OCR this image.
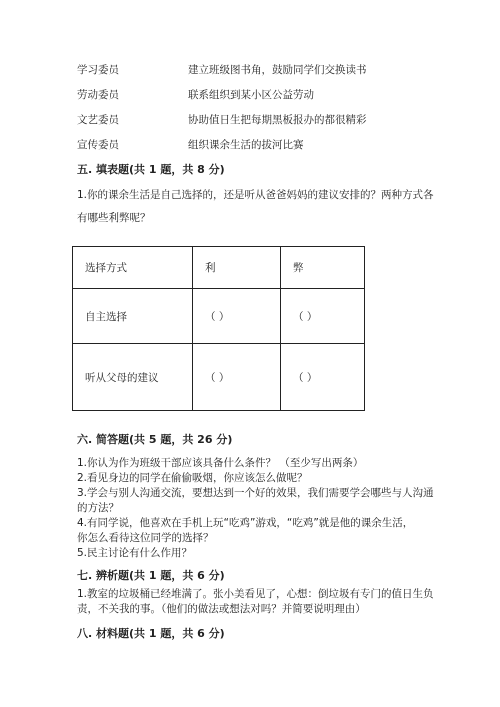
学习委员	建立班级图书角，鼓励同学们交换读书
劳动委员	联系组织到某小区公益劳动
文艺委员	协助值日生把每期黑板报办的都很精彩
宣传委员	组织课余生活的拔河比赛
五. 填表题(共 1 题，共 8 分)
1.你的课余生活是自己选择的，还是听从爸爸妈妈的建议安排的？两种方式各
有哪些利弊呢？
选择方式	利	弊
自主选择	（ ）	（ ）
听从父母的建议	（ ）	（ ）
六. 简答题(共 5 题，共 26 分)
1.你认为作为班级干部应该具备什么条件？ （至少写出两条）
2.看见身边的同学在偷偷吸烟，你应该怎么做呢？
3.学会与别人沟通交流，要想达到一个好的效果，我们需要学会哪些与人沟通
的方法？
4.有同学说，他喜欢在手机上玩“吃鸡”游戏，“吃鸡”就是他的课余生活，
你怎么看待这位同学的选择？
5.民主讨论有什么作用？
七. 辨析题(共 1 题，共 6 分)
1.教室的垃圾桶已经堆满了。张小美看见了，心想：倒垃圾有专门的值日生负
责，不关我的事。（他们的做法或想法对吗？并简要说明理由）
八. 材料题(共 1 题，共 6 分)
